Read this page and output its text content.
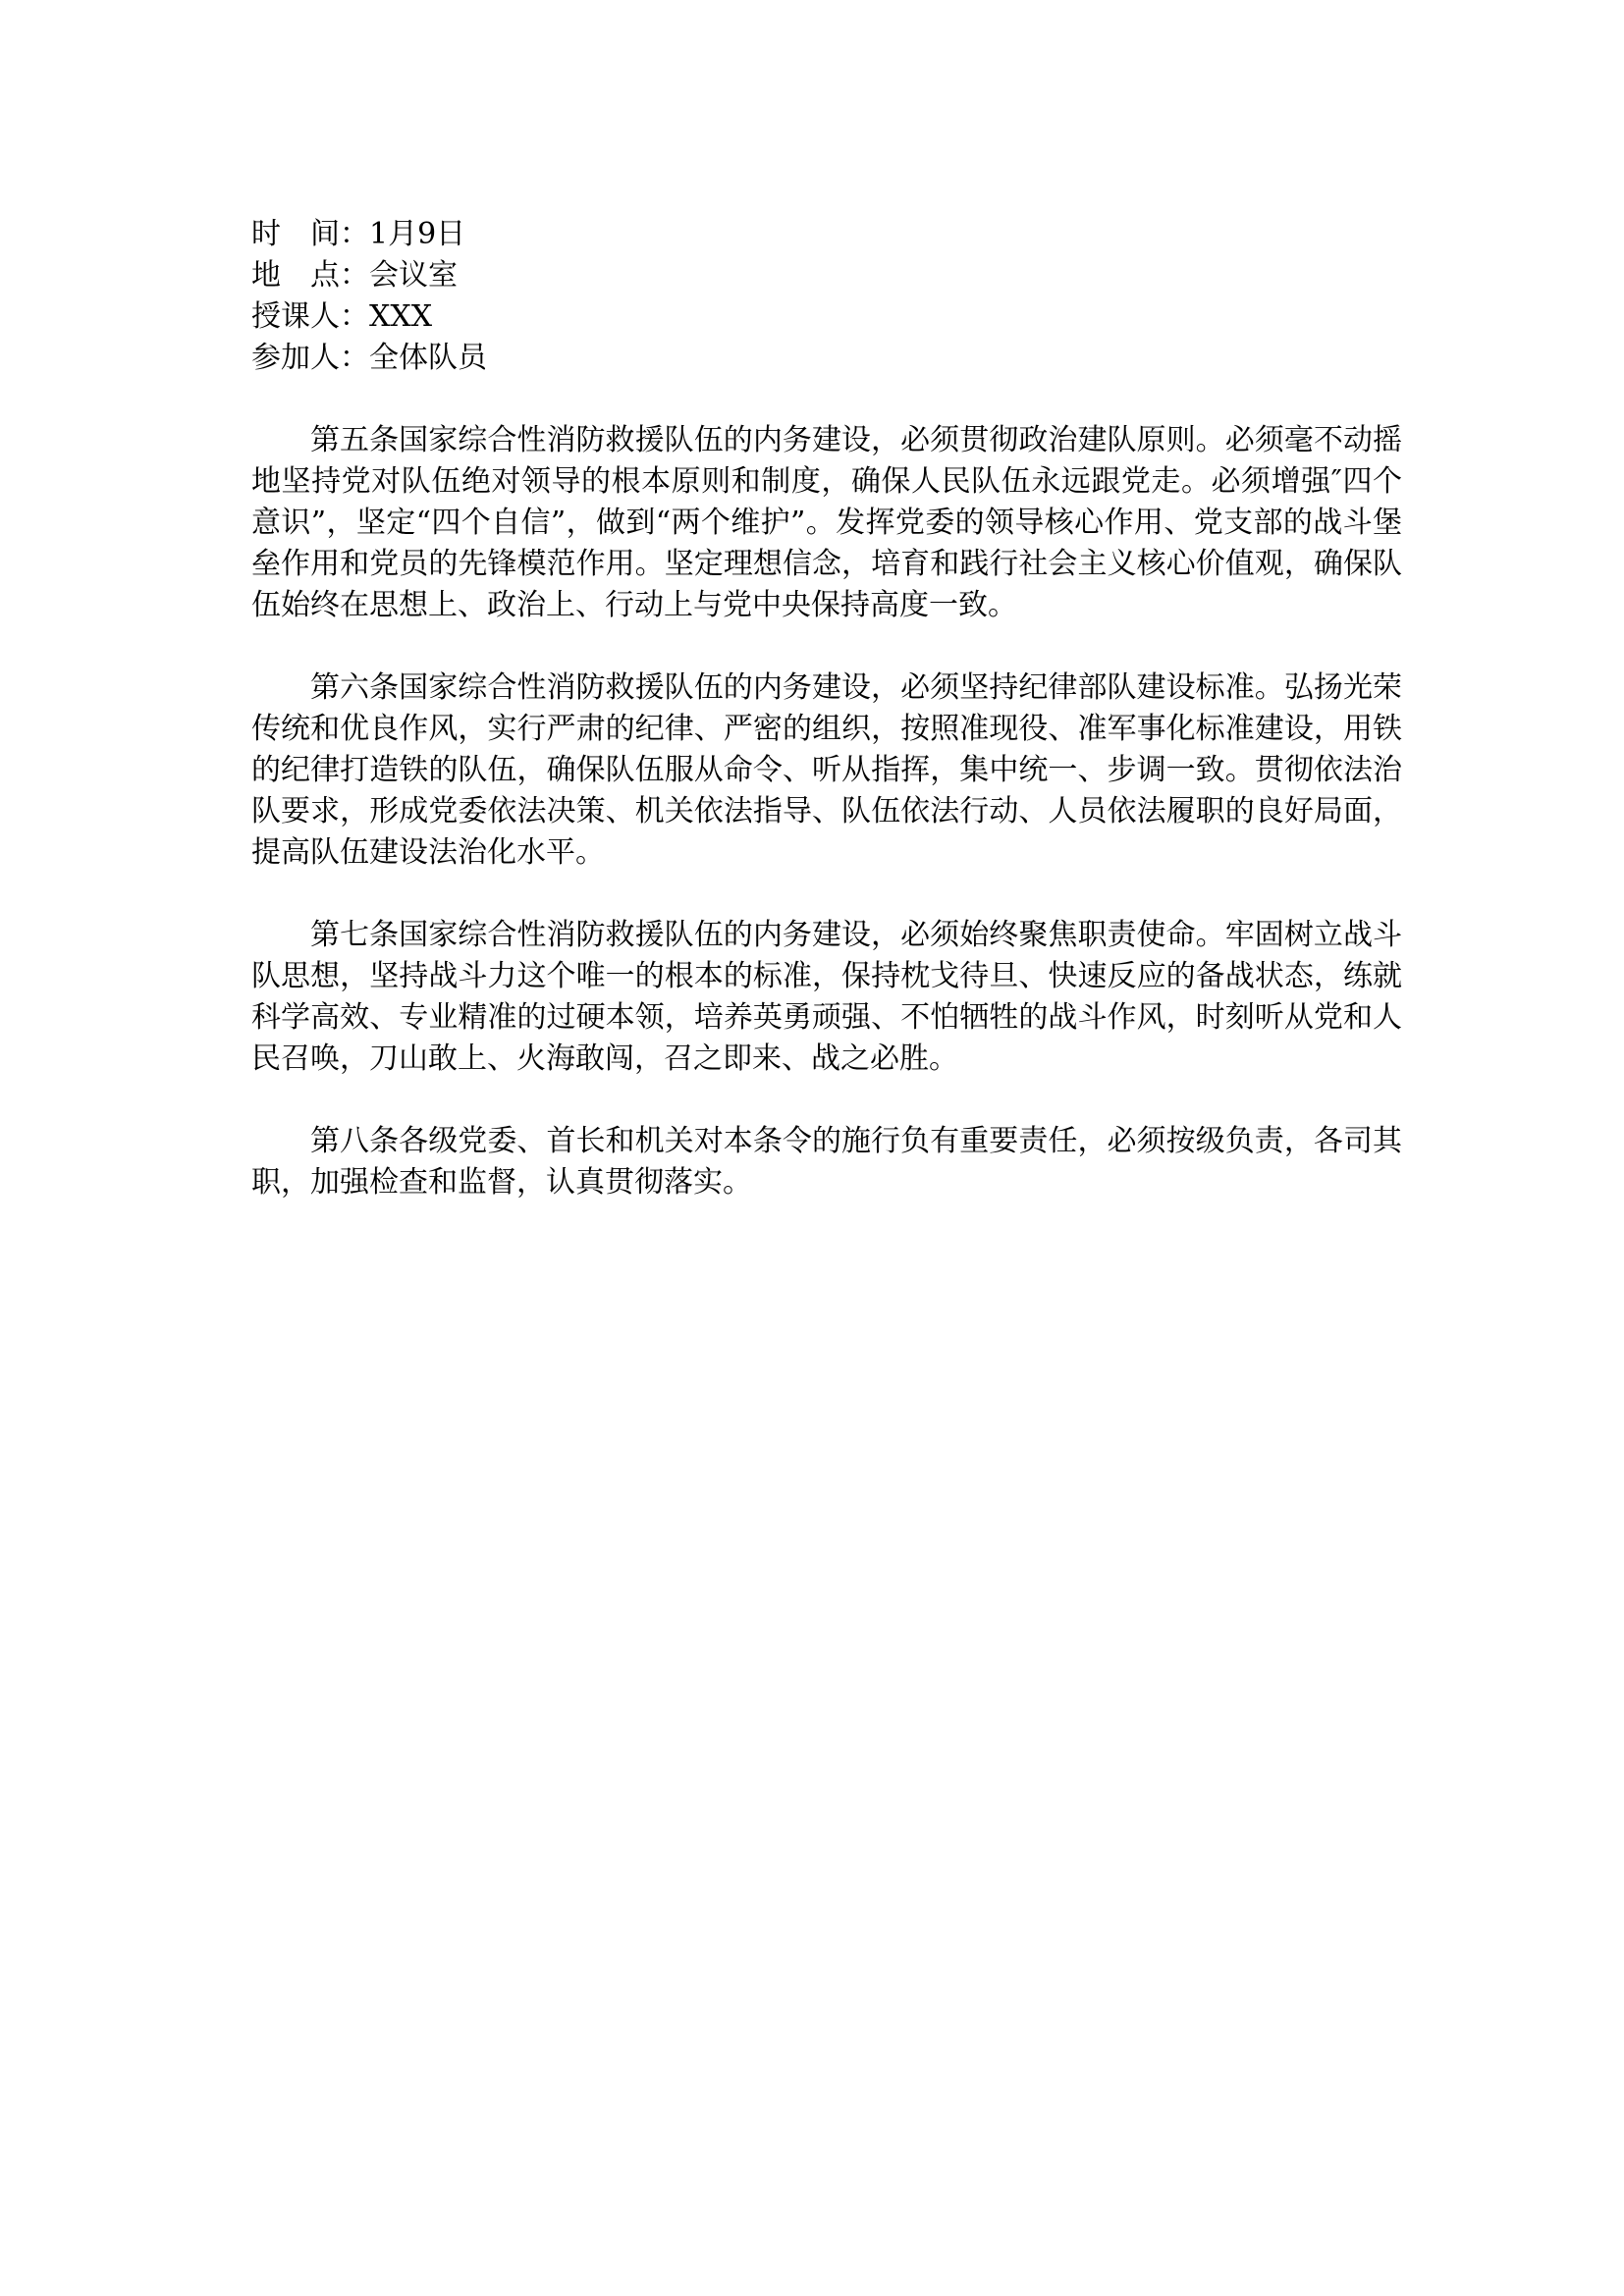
时　间：1月9日
地　点：会议室
授课人：XXX
参加人：全体队员

第五条国家综合性消防救援队伍的内务建设，必须贯彻政治建队原则。必须毫不动摇地坚持党对队伍绝对领导的根本原则和制度，确保人民队伍永远跟党走。必须增强″四个意识”，坚定“四个自信”，做到“两个维护”。发挥党委的领导核心作用、党支部的战斗堡垒作用和党员的先锋模范作用。坚定理想信念，培育和践行社会主义核心价值观，确保队伍始终在思想上、政治上、行动上与党中央保持高度一致。

第六条国家综合性消防救援队伍的内务建设，必须坚持纪律部队建设标准。弘扬光荣传统和优良作风，实行严肃的纪律、严密的组织，按照准现役、准军事化标准建设，用铁的纪律打造铁的队伍，确保队伍服从命令、听从指挥，集中统一、步调一致。贯彻依法治队要求，形成党委依法决策、机关依法指导、队伍依法行动、人员依法履职的良好局面，提高队伍建设法治化水平。

第七条国家综合性消防救援队伍的内务建设，必须始终聚焦职责使命。牢固树立战斗队思想，坚持战斗力这个唯一的根本的标准，保持枕戈待旦、快速反应的备战状态，练就科学高效、专业精准的过硬本领，培养英勇顽强、不怕牺牲的战斗作风，时刻听从党和人民召唤，刀山敢上、火海敢闯，召之即来、战之必胜。

第八条各级党委、首长和机关对本条令的施行负有重要责任，必须按级负责，各司其职，加强检查和监督，认真贯彻落实。
